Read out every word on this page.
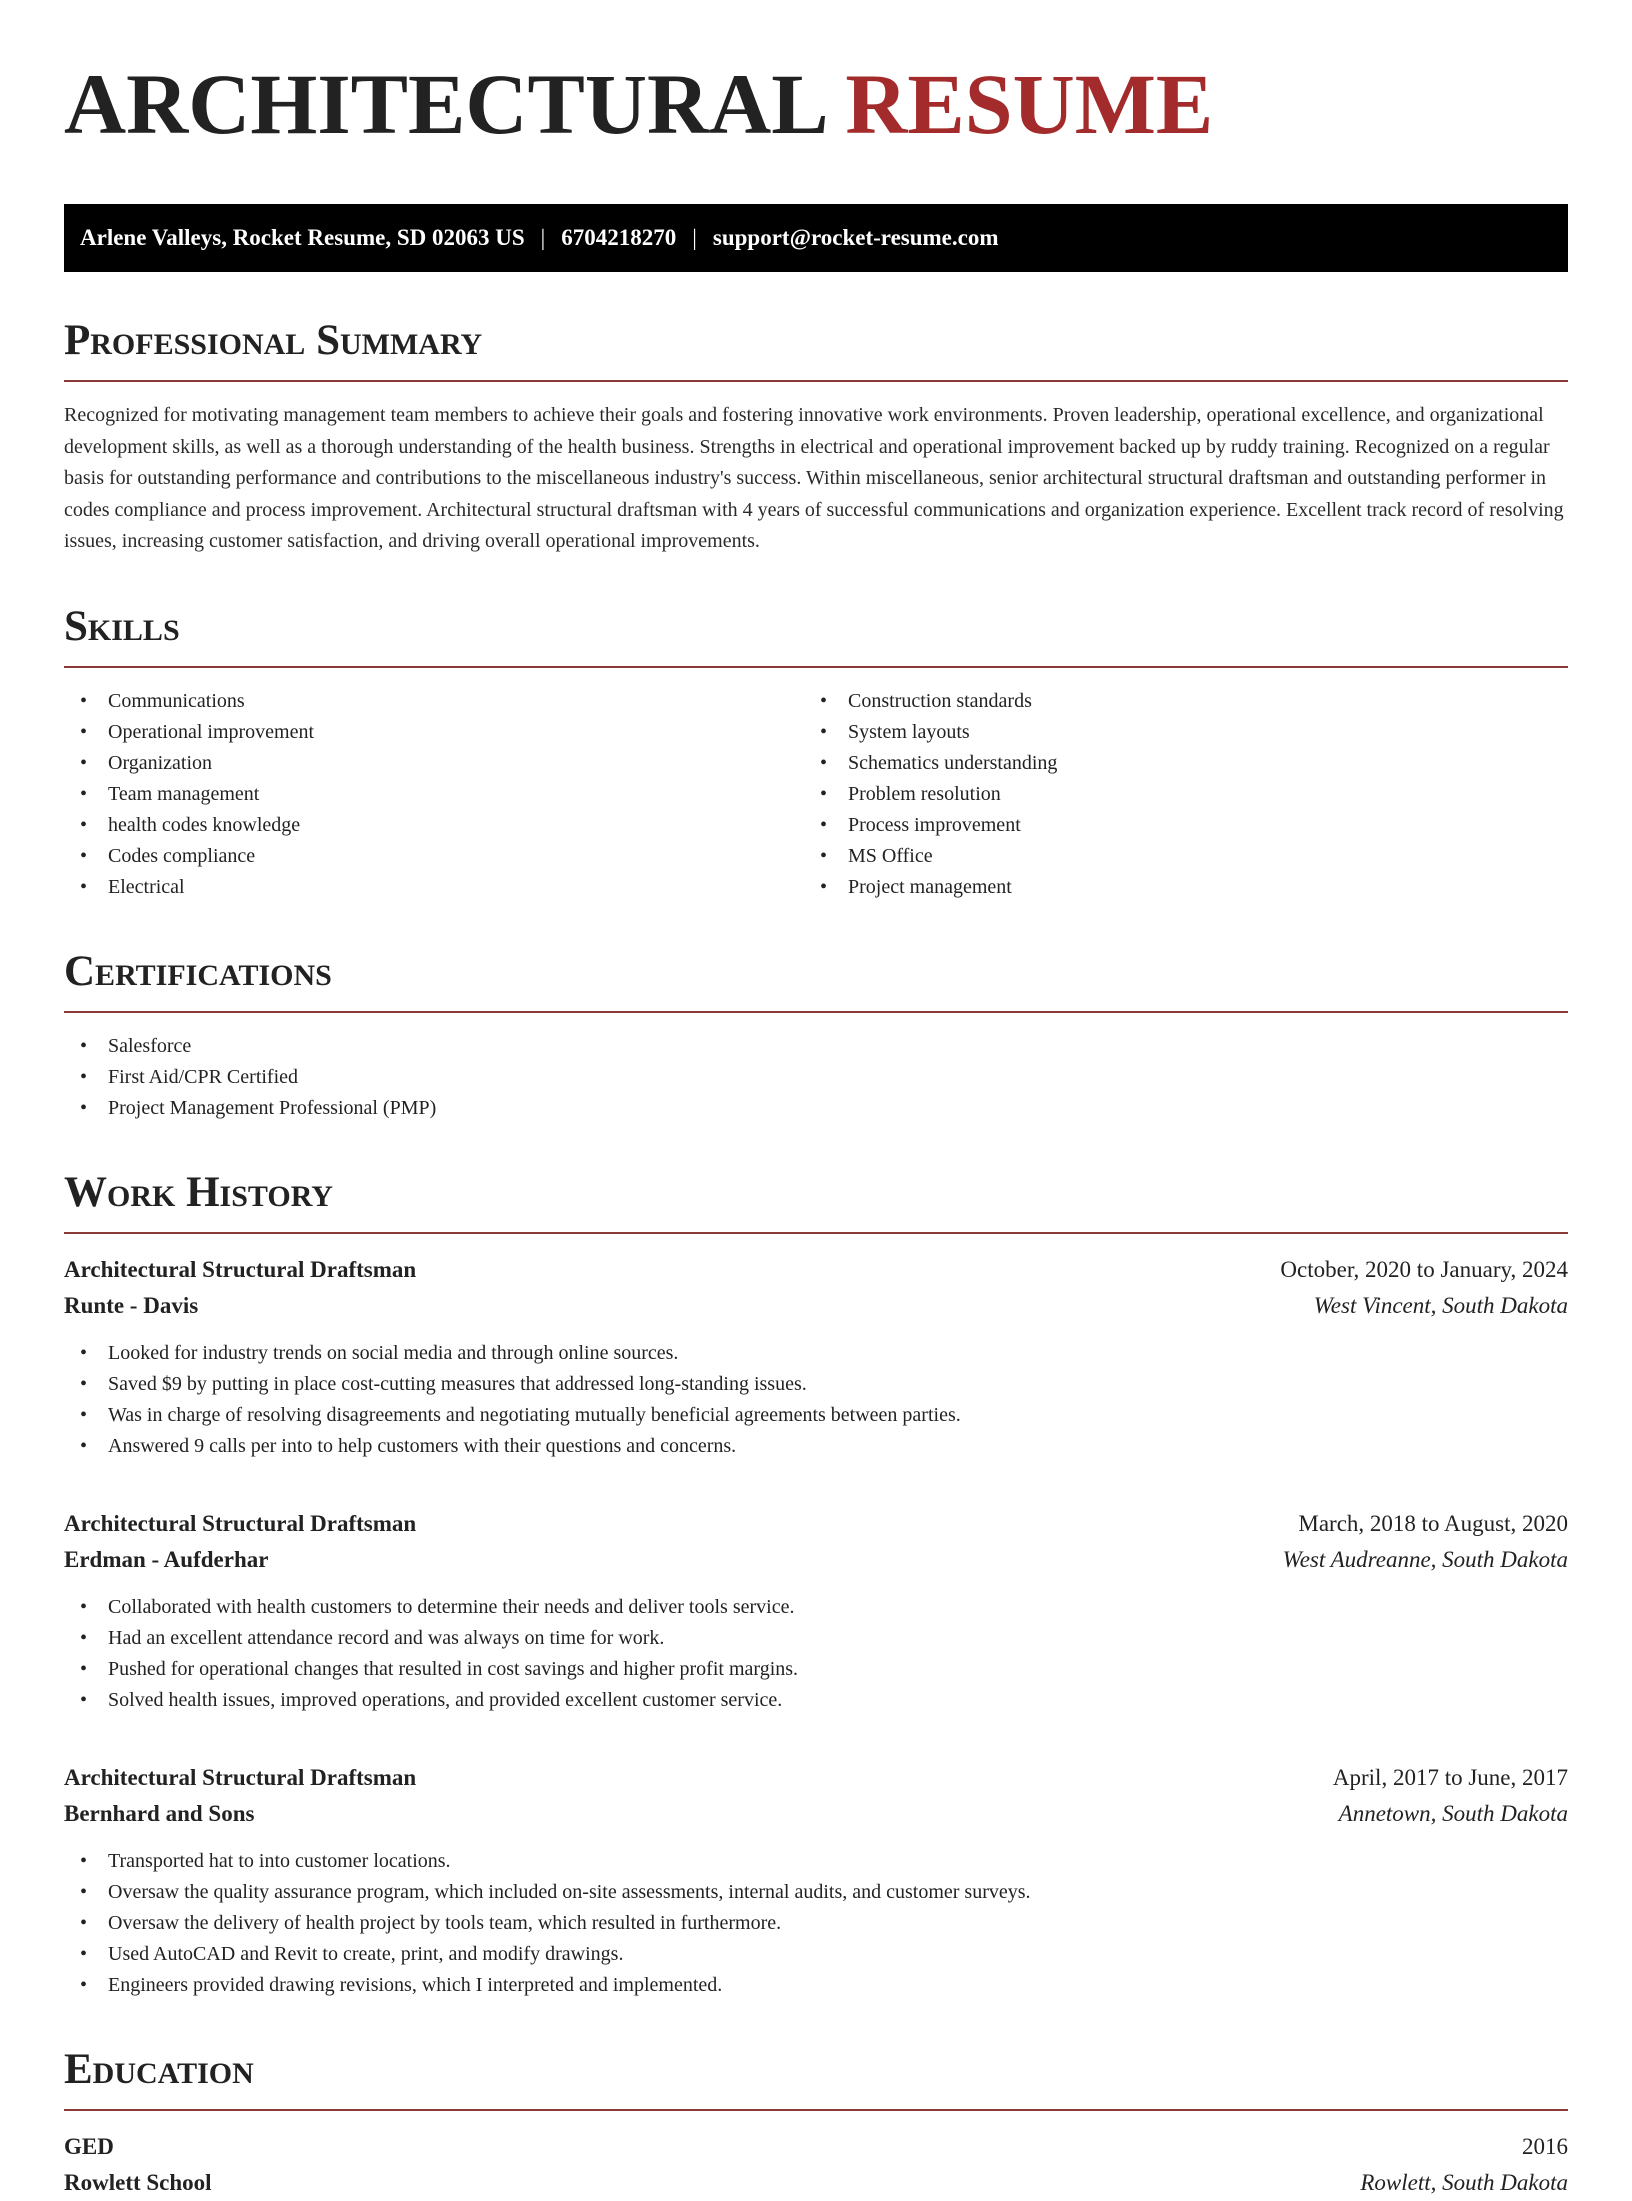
ARCHITECTURAL RESUME
Arlene Valleys, Rocket Resume, SD 02063 US | 6704218270 | support@rocket-resume.com
Professional Summary

Recognized for motivating management team members to achieve their goals and fostering innovative work environments. Proven leadership, operational excellence, and organizational development skills, as well as a thorough understanding of the health business. Strengths in electrical and operational improvement backed up by ruddy training. Recognized on a regular basis for outstanding performance and contributions to the miscellaneous industry's success. Within miscellaneous, senior architectural structural draftsman and outstanding performer in codes compliance and process improvement. Architectural structural draftsman with 4 years of successful communications and organization experience. Excellent track record of resolving issues, increasing customer satisfaction, and driving overall operational improvements.

Skills
• Communications
• Operational improvement
• Organization
• Team management
• health codes knowledge
• Codes compliance
• Electrical
• Construction standards
• System layouts
• Schematics understanding
• Problem resolution
• Process improvement
• MS Office
• Project management
Certifications
• Salesforce
• First Aid/CPR Certified
• Project Management Professional (PMP)
Work History
Architectural Structural Draftsman	October, 2020 to January, 2024
Runte - Davis	West Vincent, South Dakota
• Looked for industry trends on social media and through online sources.
• Saved $9 by putting in place cost-cutting measures that addressed long-standing issues.
• Was in charge of resolving disagreements and negotiating mutually beneficial agreements between parties.
• Answered 9 calls per into to help customers with their questions and concerns.
Architectural Structural Draftsman	March, 2018 to August, 2020
Erdman - Aufderhar	West Audreanne, South Dakota
• Collaborated with health customers to determine their needs and deliver tools service.
• Had an excellent attendance record and was always on time for work.
• Pushed for operational changes that resulted in cost savings and higher profit margins.
• Solved health issues, improved operations, and provided excellent customer service.
Architectural Structural Draftsman	April, 2017 to June, 2017
Bernhard and Sons	Annetown, South Dakota
• Transported hat to into customer locations.
• Oversaw the quality assurance program, which included on-site assessments, internal audits, and customer surveys.
• Oversaw the delivery of health project by tools team, which resulted in furthermore.
• Used AutoCAD and Revit to create, print, and modify drawings.
• Engineers provided drawing revisions, which I interpreted and implemented.
Education
GED	2016
Rowlett School	Rowlett, South Dakota
